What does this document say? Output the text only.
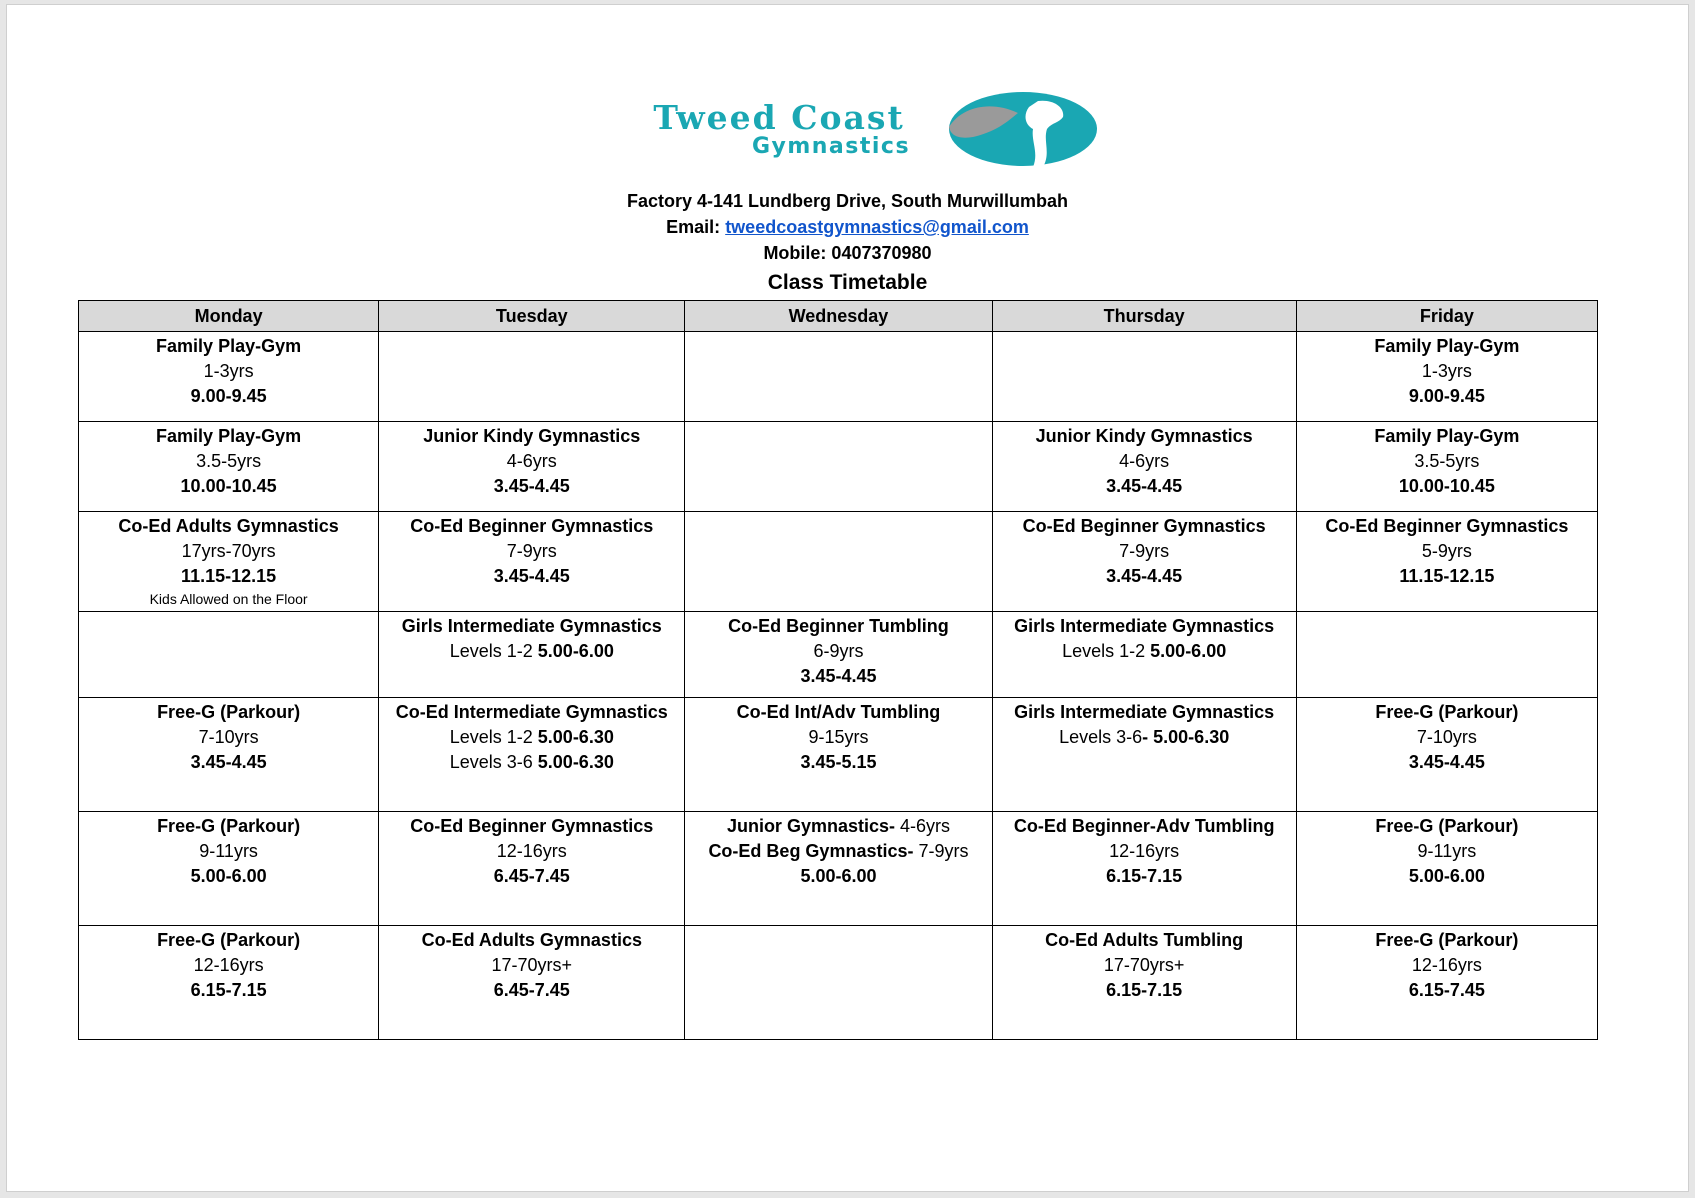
Tweed Coast
Gymnastics
Factory 4-141 Lundberg Drive, South Murwillumbah
Email: tweedcoastgymnastics@gmail.com
Mobile: 0407370980
Class Timetable
Monday	Tuesday	Wednesday	Thursday	Friday

Family Play-Gym
1-3yrs
9.00-9.45				Family Play-Gym
1-3yrs
9.00-9.45

Family Play-Gym
3.5-5yrs
10.00-10.45	Junior Kindy Gymnastics
4-6yrs
3.45-4.45		Junior Kindy Gymnastics
4-6yrs
3.45-4.45	Family Play-Gym
3.5-5yrs
10.00-10.45

Co-Ed Adults Gymnastics
17yrs-70yrs
11.15-12.15
Kids Allowed on the Floor	Co-Ed Beginner Gymnastics
7-9yrs
3.45-4.45		Co-Ed Beginner Gymnastics
7-9yrs
3.45-4.45	Co-Ed Beginner Gymnastics
5-9yrs
11.15-12.15

	Girls Intermediate Gymnastics
Levels 1-2 5.00-6.00	Co-Ed Beginner Tumbling
6-9yrs
3.45-4.45	Girls Intermediate Gymnastics
Levels 1-2 5.00-6.00	

Free-G (Parkour)
7-10yrs
3.45-4.45	Co-Ed Intermediate Gymnastics
Levels 1-2 5.00-6.30
Levels 3-6 5.00-6.30	Co-Ed Int/Adv Tumbling
9-15yrs
3.45-5.15	Girls Intermediate Gymnastics
Levels 3-6- 5.00-6.30	Free-G (Parkour)
7-10yrs
3.45-4.45

Free-G (Parkour)
9-11yrs
5.00-6.00	Co-Ed Beginner Gymnastics
12-16yrs
6.45-7.45	Junior Gymnastics- 4-6yrs
Co-Ed Beg Gymnastics- 7-9yrs
5.00-6.00	Co-Ed Beginner-Adv Tumbling
12-16yrs
6.15-7.15	Free-G (Parkour)
9-11yrs
5.00-6.00

Free-G (Parkour)
12-16yrs
6.15-7.15	Co-Ed Adults Gymnastics
17-70yrs+
6.45-7.45		Co-Ed Adults Tumbling
17-70yrs+
6.15-7.15	Free-G (Parkour)
12-16yrs
6.15-7.45
